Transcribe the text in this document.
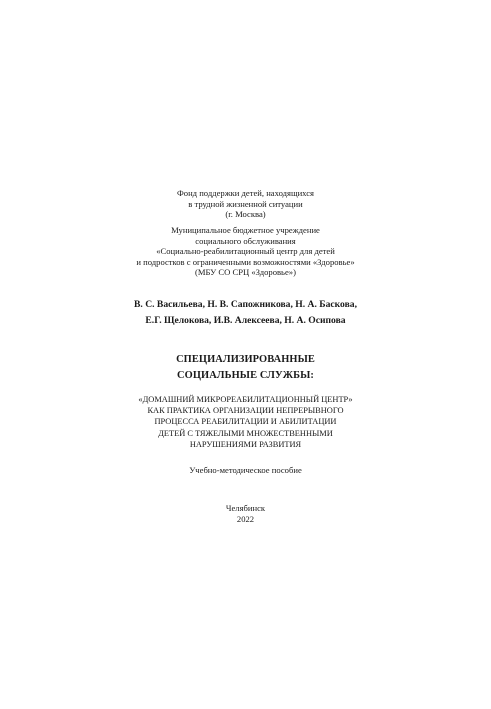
Фонд поддержки детей, находящихся
в трудной жизненной ситуации
(г. Москва)
Муниципальное бюджетное учреждение
социального обслуживания
«Социально-реабилитационный центр для детей
и подростков с ограниченными возможностями «Здоровье»
(МБУ СО СРЦ «Здоровье»)
В. С. Васильева, Н. В. Сапожникова, Н. А. Баскова,
Е.Г. Щелокова, И.В. Алексеева, Н. А. Осипова
СПЕЦИАЛИЗИРОВАННЫЕ
СОЦИАЛЬНЫЕ СЛУЖБЫ:
«ДОМАШНИЙ МИКРОРЕАБИЛИТАЦИОННЫЙ ЦЕНТР»
КАК ПРАКТИКА ОРГАНИЗАЦИИ НЕПРЕРЫВНОГО
ПРОЦЕССА РЕАБИЛИТАЦИИ И АБИЛИТАЦИИ
ДЕТЕЙ С ТЯЖЕЛЫМИ МНОЖЕСТВЕННЫМИ
НАРУШЕНИЯМИ РАЗВИТИЯ
Учебно-методическое пособие
Челябинск
2022
